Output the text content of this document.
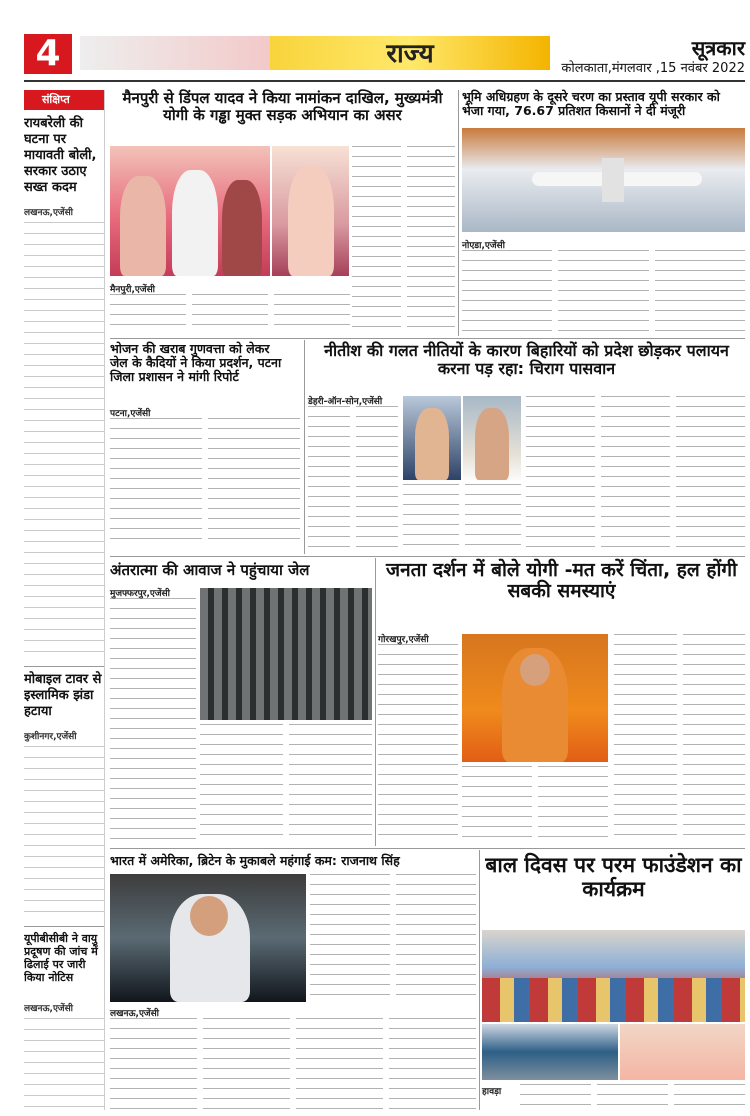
4	राज्य	सूत्रकार
कोलकाता,मंगलवार ,15 नवंबर 2022
संक्षिप्त
रायबरेली की घटना पर मायावती बोली, सरकार उठाए सख्त कदम
लखनऊ,एजेंसी
मोबाइल टावर से इस्लामिक झंडा हटाया
कुशीनगर,एजेंसी
यूपीबीसीबी ने वायु प्रदूषण की जांच में ढिलाई पर जारी किया नोटिस
लखनऊ,एजेंसी
मैनपुरी से डिंपल यादव ने किया नामांकन दाखिल, मुख्यमंत्री योगी के गड्ढा मुक्त सड़क अभियान का असर
मैनपुरी,एजेंसी
भोजन की खराब गुणवत्ता को लेकर जेल के कैदियों ने किया प्रदर्शन, पटना जिला प्रशासन ने मांगी रिपोर्ट
पटना,एजेंसी
भूमि अधिग्रहण के दूसरे चरण का प्रस्ताव यूपी सरकार को भेजा गया, 76.67 प्रतिशत किसानों ने दी मंजूरी
नोएडा,एजेंसी
नीतीश की गलत नीतियों के कारण बिहारियों को प्रदेश छोड़कर पलायन करना पड़ रहा: चिराग पासवान
डेहरी-ऑन-सोन,एजेंसी
अंतरात्मा की आवाज ने पहुंचाया जेल
मुजफ्फरपुर,एजेंसी
जनता दर्शन में बोले योगी -मत करें चिंता, हल होंगी सबकी समस्याएं
गोरखपुर,एजेंसी
भारत में अमेरिका, ब्रिटेन के मुकाबले महंगाई कम: राजनाथ सिंह
लखनऊ,एजेंसी
बाल दिवस पर परम फाउंडेशन का कार्यक्रम
हावड़ा
